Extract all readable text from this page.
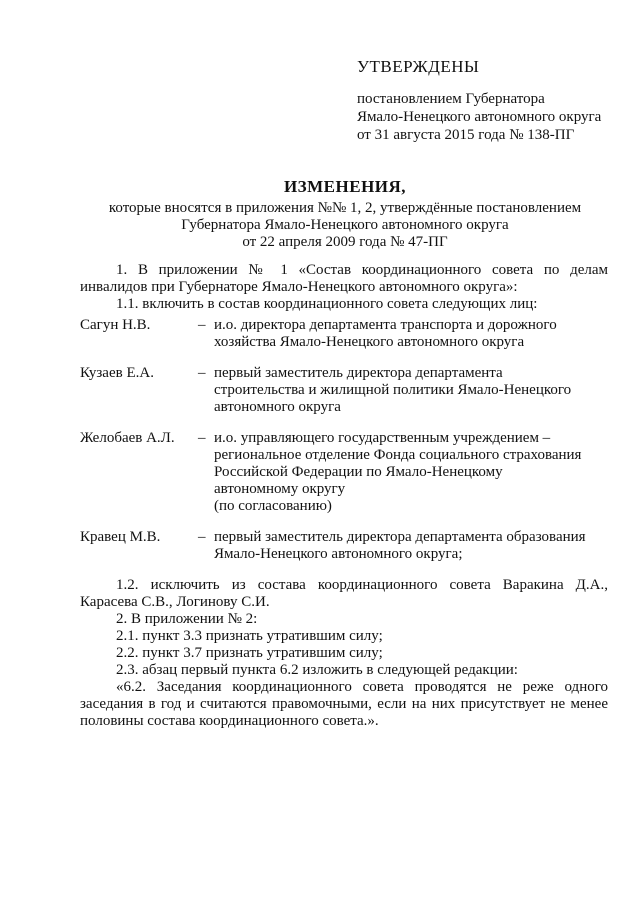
УТВЕРЖДЕНЫ
постановлением Губернатора
Ямало-Ненецкого автономного округа
от 31 августа 2015 года № 138-ПГ
ИЗМЕНЕНИЯ,
которые вносятся в приложения №№ 1, 2, утверждённые постановлением
Губернатора Ямало-Ненецкого автономного округа
от 22 апреля 2009 года № 47-ПГ
1. В приложении № 1 «Состав координационного совета по делам инвалидов при Губернаторе Ямало-Ненецкого автономного округа»:
1.1. включить в состав координационного совета следующих лиц:
Сагун Н.В.	– и.о. директора департамента транспорта и дорожного
хозяйства Ямало-Ненецкого автономного округа
Кузаев Е.А.	– первый заместитель директора департамента
строительства и жилищной политики Ямало-Ненецкого
автономного округа
Желобаев А.Л.	– и.о. управляющего государственным учреждением –
региональное отделение Фонда социального страхования
Российской Федерации по Ямало-Ненецкому
автономному округу
(по согласованию)
Кравец М.В.	– первый заместитель директора департамента образования
Ямало-Ненецкого автономного округа;
1.2. исключить из состава координационного совета Варакина Д.А., Карасева С.В., Логинову С.И.
2. В приложении № 2:
2.1. пункт 3.3 признать утратившим силу;
2.2. пункт 3.7 признать утратившим силу;
2.3. абзац первый пункта 6.2 изложить в следующей редакции:
«6.2. Заседания координационного совета проводятся не реже одного заседания в год и считаются правомочными, если на них присутствует не менее половины состава координационного совета.».
